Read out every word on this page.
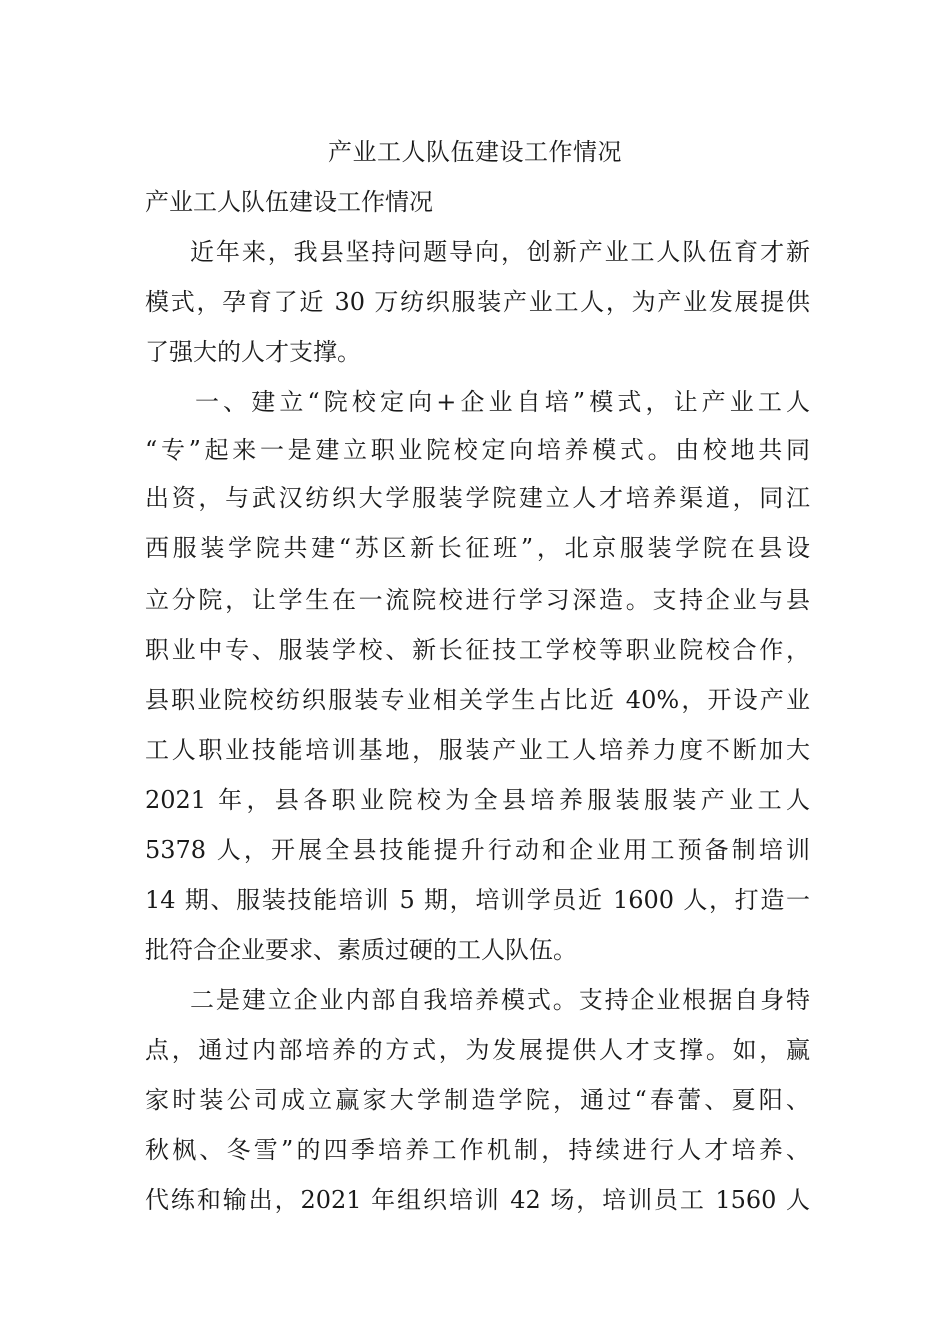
产业工人队伍建设工作情况
产业工人队伍建设工作情况
近年来，我县坚持问题导向，创新产业工人队伍育才新
模式，孕育了近 30 万纺织服装产业工人，为产业发展提供
了强大的人才支撑。
一、建立“院校定向+企业自培”模式，让产业工人
“专”起来一是建立职业院校定向培养模式。由校地共同
出资，与武汉纺织大学服装学院建立人才培养渠道，同江
西服装学院共建“苏区新长征班”，北京服装学院在县设
立分院，让学生在一流院校进行学习深造。支持企业与县
职业中专、服装学校、新长征技工学校等职业院校合作，
县职业院校纺织服装专业相关学生占比近 40%，开设产业
工人职业技能培训基地，服装产业工人培养力度不断加大
2021 年，县各职业院校为全县培养服装服装产业工人
5378 人，开展全县技能提升行动和企业用工预备制培训
14 期、服装技能培训 5 期，培训学员近 1600 人，打造一
批符合企业要求、素质过硬的工人队伍。
二是建立企业内部自我培养模式。支持企业根据自身特
点，通过内部培养的方式，为发展提供人才支撑。如，赢
家时装公司成立赢家大学制造学院，通过“春蕾、夏阳、
秋枫、冬雪”的四季培养工作机制，持续进行人才培养、
代练和输出，2021 年组织培训 42 场，培训员工 1560 人
